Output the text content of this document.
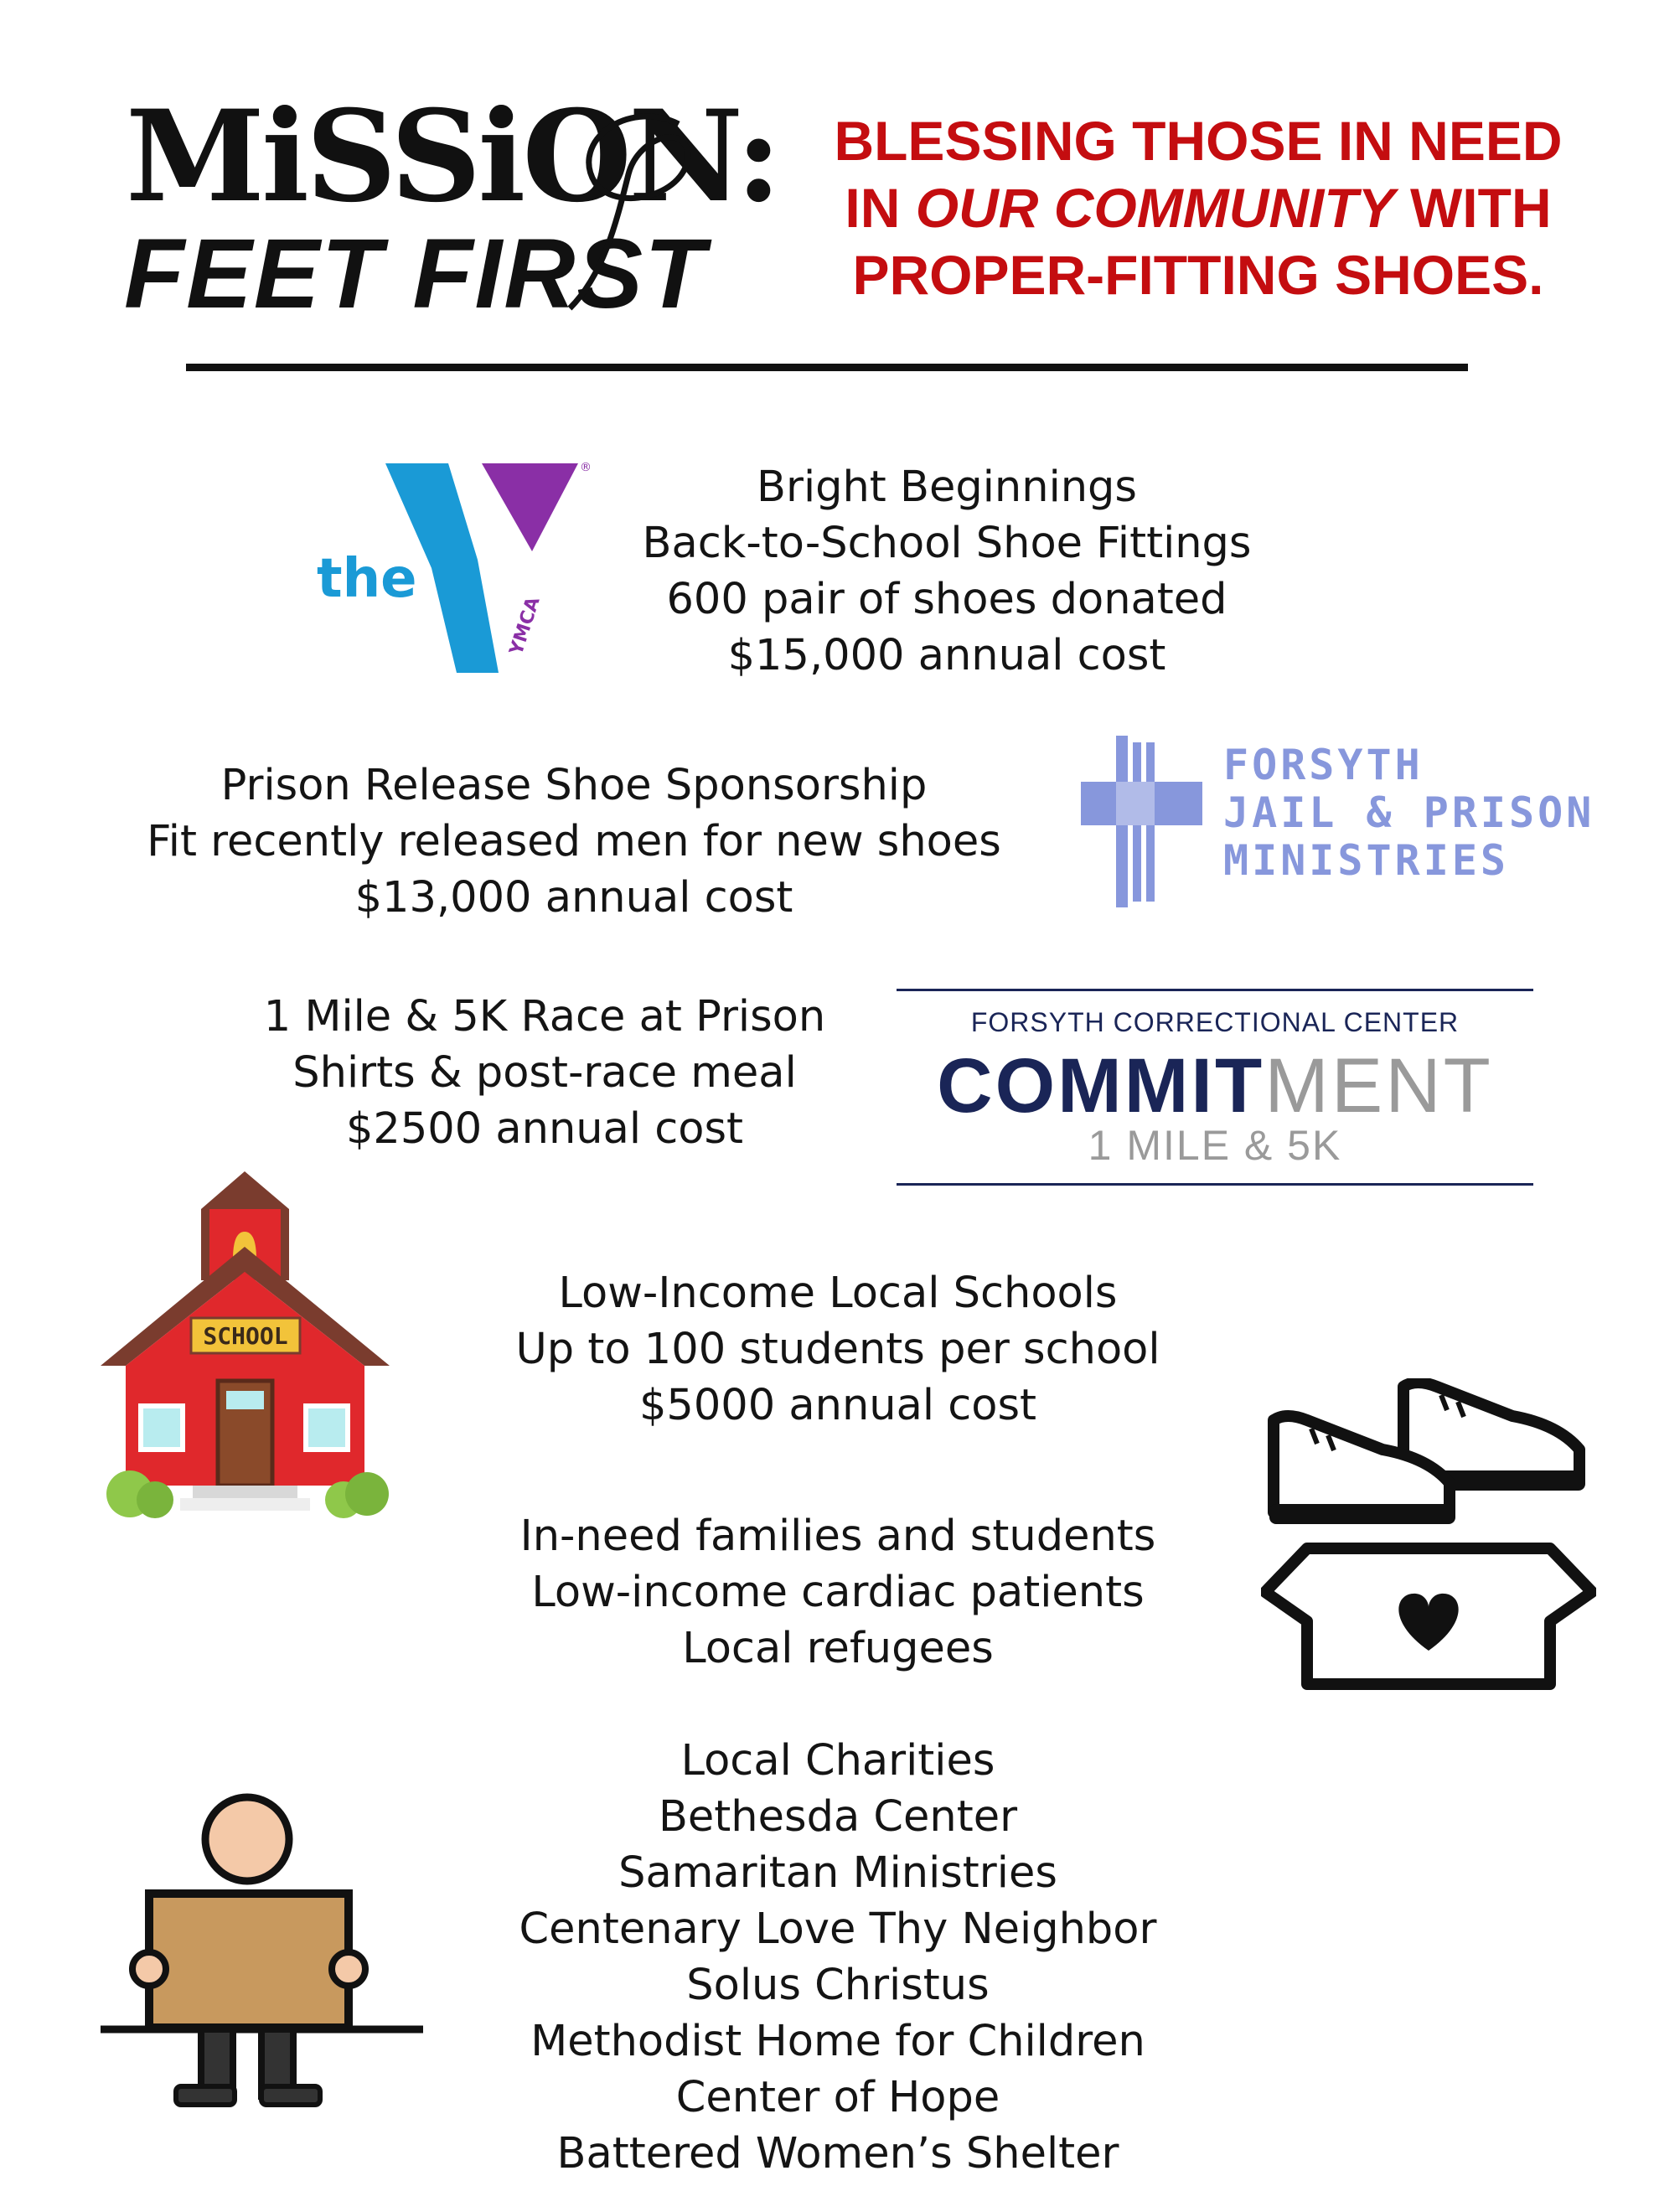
MiSSiON:
FEET FIRST
BLESSING THOSE IN NEED
IN OUR COMMUNITY WITH
PROPER-FITTING SHOES.
®
YMCA
the
Bright Beginnings
Back-to-School Shoe Fittings
600 pair of shoes donated
$15,000 annual cost
Prison Release Shoe Sponsorship
Fit recently released men for new shoes
$13,000 annual cost
FORSYTH
JAIL & PRISON
MINISTRIES
1 Mile & 5K Race at Prison
Shirts & post-race meal
$2500 annual cost
FORSYTH CORRECTIONAL CENTER
COMMITMENT
1 MILE & 5K
SCHOOL
Low-Income Local Schools
Up to 100 students per school
$5000 annual cost
In-need families and students
Low-income cardiac patients
Local refugees
Local Charities
Bethesda Center
Samaritan Ministries
Centenary Love Thy Neighbor
Solus Christus
Methodist Home for Children
Center of Hope
Battered Women’s Shelter
